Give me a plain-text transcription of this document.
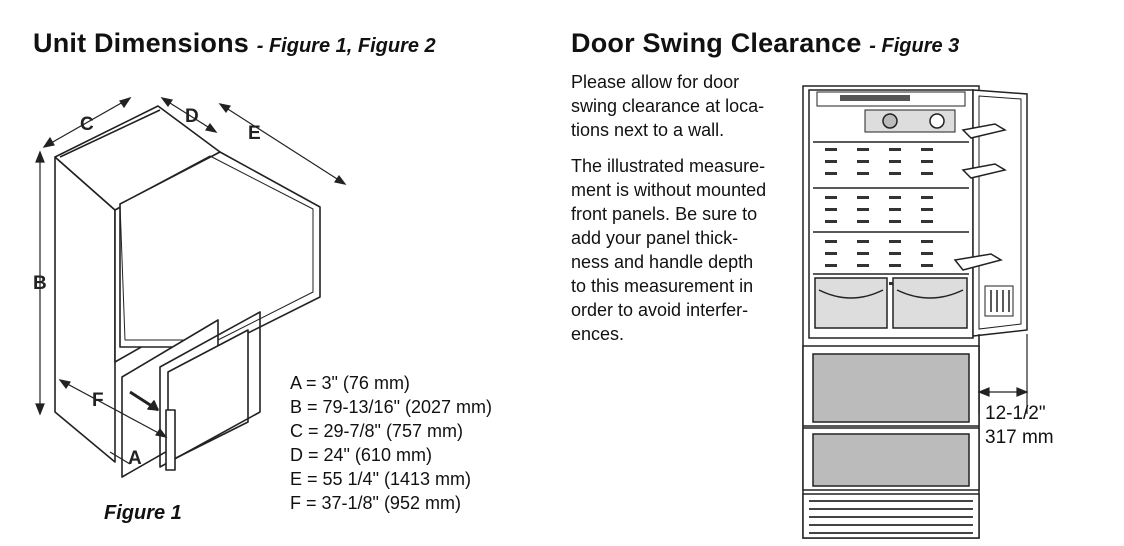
Unit Dimensions - Figure 1, Figure 2	Door Swing Clearance - Figure 3
B
C	D
E
F
A
Figure 1
A = 3" (76 mm)
B = 79-13/16" (2027 mm)
C = 29-7/8" (757 mm)
D = 24" (610 mm)
E = 55 1/4" (1413 mm)
F = 37-1/8" (952 mm)
Please allow for door
swing clearance at loca-
tions next to a wall.
The illustrated measure-
ment is without mounted
front panels. Be sure to
add your panel thick-
ness and handle depth
to this measurement in
order to avoid interfer-
ences.
12-1/2"
317 mm
